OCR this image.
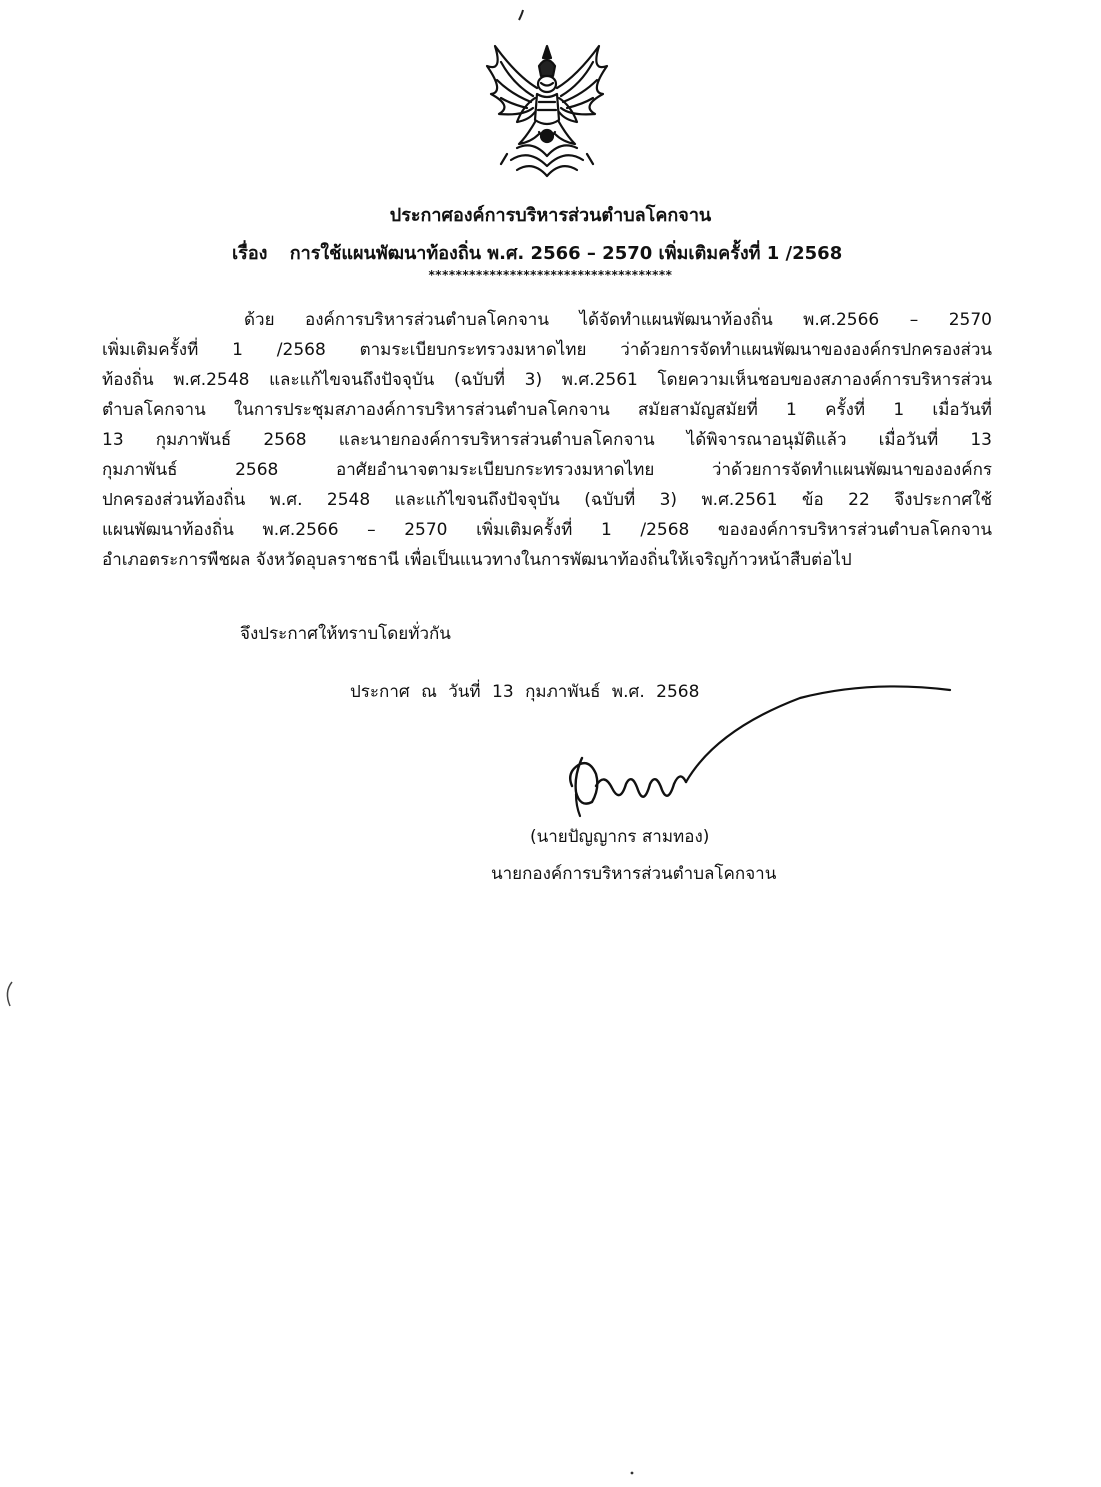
ประกาศองค์การบริหารส่วนตำบลโคกจาน
เรื่อง การใช้แผนพัฒนาท้องถิ่น พ.ศ. 2566 – 2570 เพิ่มเติมครั้งที่ 1 /2568
************************************
ด้วย องค์การบริหารส่วนตำบลโคกจาน ได้จัดทำแผนพัฒนาท้องถิ่น พ.ศ.2566 – 2570
เพิ่มเติมครั้งที่ 1 /2568 ตามระเบียบกระทรวงมหาดไทย ว่าด้วยการจัดทำแผนพัฒนาขององค์กรปกครองส่วน
ท้องถิ่น พ.ศ.2548 และแก้ไขจนถึงปัจจุบัน (ฉบับที่ 3) พ.ศ.2561 โดยความเห็นชอบของสภาองค์การบริหารส่วน
ตำบลโคกจาน ในการประชุมสภาองค์การบริหารส่วนตำบลโคกจาน สมัยสามัญสมัยที่ 1 ครั้งที่ 1 เมื่อวันที่
13 กุมภาพันธ์ 2568 และนายกองค์การบริหารส่วนตำบลโคกจาน ได้พิจารณาอนุมัติแล้ว เมื่อวันที่ 13
กุมภาพันธ์ 2568 อาศัยอำนาจตามระเบียบกระทรวงมหาดไทย ว่าด้วยการจัดทำแผนพัฒนาขององค์กร
ปกครองส่วนท้องถิ่น พ.ศ. 2548 และแก้ไขจนถึงปัจจุบัน (ฉบับที่ 3) พ.ศ.2561 ข้อ 22 จึงประกาศใช้
แผนพัฒนาท้องถิ่น พ.ศ.2566 – 2570 เพิ่มเติมครั้งที่ 1 /2568 ขององค์การบริหารส่วนตำบลโคกจาน
อำเภอตระการพืชผล จังหวัดอุบลราชธานี เพื่อเป็นแนวทางในการพัฒนาท้องถิ่นให้เจริญก้าวหน้าสืบต่อไป
จึงประกาศให้ทราบโดยทั่วกัน
ประกาศ ณ วันที่ 13 กุมภาพันธ์ พ.ศ. 2568
(นายปัญญากร สามทอง)
นายกองค์การบริหารส่วนตำบลโคกจาน
